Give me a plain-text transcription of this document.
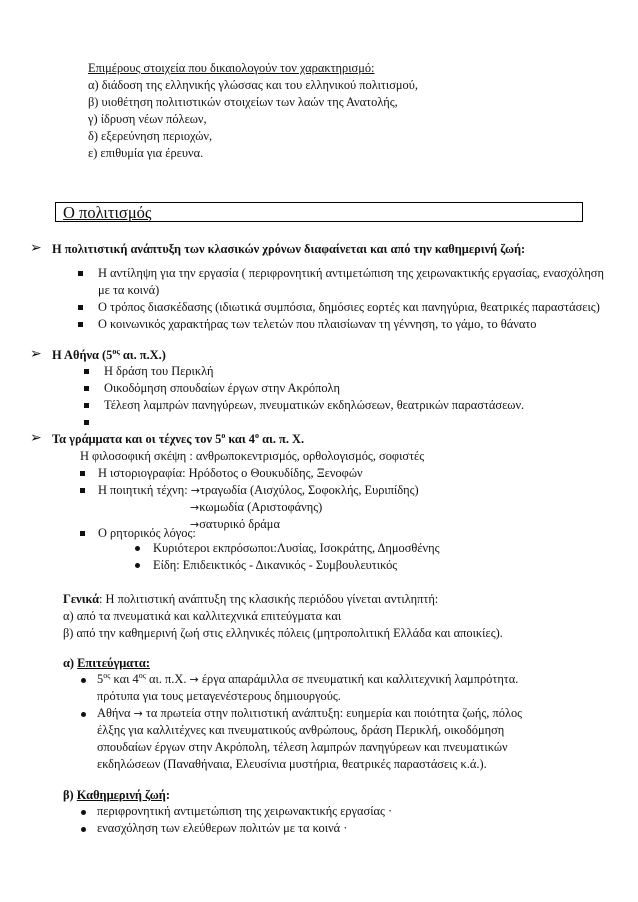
Επιμέρους στοιχεία που δικαιολογούν τον χαρακτηρισμό:
α) διάδοση της ελληνικής γλώσσας και του ελληνικού πολιτισμού,
β) υιοθέτηση πολιτιστικών στοιχείων των λαών της Ανατολής,
γ) ίδρυση νέων πόλεων,
δ) εξερεύνηση περιοχών,
ε) επιθυμία για έρευνα.
Ο πολιτισμός
➢ Η πολιτιστική ανάπτυξη των κλασικών χρόνων διαφαίνεται και από την καθημερινή ζωή:
Η αντίληψη για την εργασία ( περιφρονητική αντιμετώπιση της χειρωνακτικής εργασίας, ενασχόληση
με τα κοινά)
Ο τρόπος διασκέδασης (ιδιωτικά συμπόσια, δημόσιες εορτές και πανηγύρια, θεατρικές παραστάσεις)
Ο κοινωνικός χαρακτήρας των τελετών που πλαισίωναν τη γέννηση, το γάμο, το θάνατο
➢ Η Αθήνα ($5^{o\varsigma}$ αι. π.Χ.)
Η δράση του Περικλή
Οικοδόμηση σπουδαίων έργων στην Ακρόπολη
Τέλεση λαμπρών πανηγύρεων, πνευματικών εκδηλώσεων, θεατρικών παραστάσεων.
➢ Τα γράμματα και οι τέχνες τον $5^o$ και $4^o$ αι. π. Χ.
Η φιλοσοφική σκέψη : ανθρωποκεντρισμός, ορθολογισμός, σοφιστές
Η ιστοριογραφία: Ηρόδοτος ο Θουκυδίδης, Ξενοφών
Η ποιητική τέχνη: →τραγωδία (Αισχύλος, Σοφοκλής, Ευριπίδης)
→κωμωδία (Αριστοφάνης)
→σατυρικό δράμα
Ο ρητορικός λόγος:
Κυριότεροι εκπρόσωποι:Λυσίας, Ισοκράτης, Δημοσθένης
Είδη: Επιδεικτικός - Δικανικός - Συμβουλευτικός
Γενικά: Η πολιτιστική ανάπτυξη της κλασικής περιόδου γίνεται αντιληπτή:
α) από τα πνευματικά και καλλιτεχνικά επιτεύγματα και
β) από την καθημερινή ζωή στις ελληνικές πόλεις (μητροπολιτική Ελλάδα και αποικίες).
α) Επιτεύγματα:
$5^{o\varsigma}$ και $4^{o\varsigma}$ αι. π.Χ. → έργα απαράμιλλα σε πνευματική και καλλιτεχνική λαμπρότητα.
πρότυπα για τους μεταγενέστερους δημιουργούς.
Αθήνα → τα πρωτεία στην πολιτιστική ανάπτυξη: ευημερία και ποιότητα ζωής, πόλος
έλξης για καλλιτέχνες και πνευματικούς ανθρώπους, δράση Περικλή, οικοδόμηση
σπουδαίων έργων στην Ακρόπολη, τέλεση λαμπρών πανηγύρεων και πνευματικών
εκδηλώσεων (Παναθήναια, Ελευσίνια μυστήρια, θεατρικές παραστάσεις κ.ά.).
β) Καθημερινή ζωή:
περιφρονητική αντιμετώπιση της χειρωνακτικής εργασίας ·
ενασχόληση των ελεύθερων πολιτών με τα κοινά ·
